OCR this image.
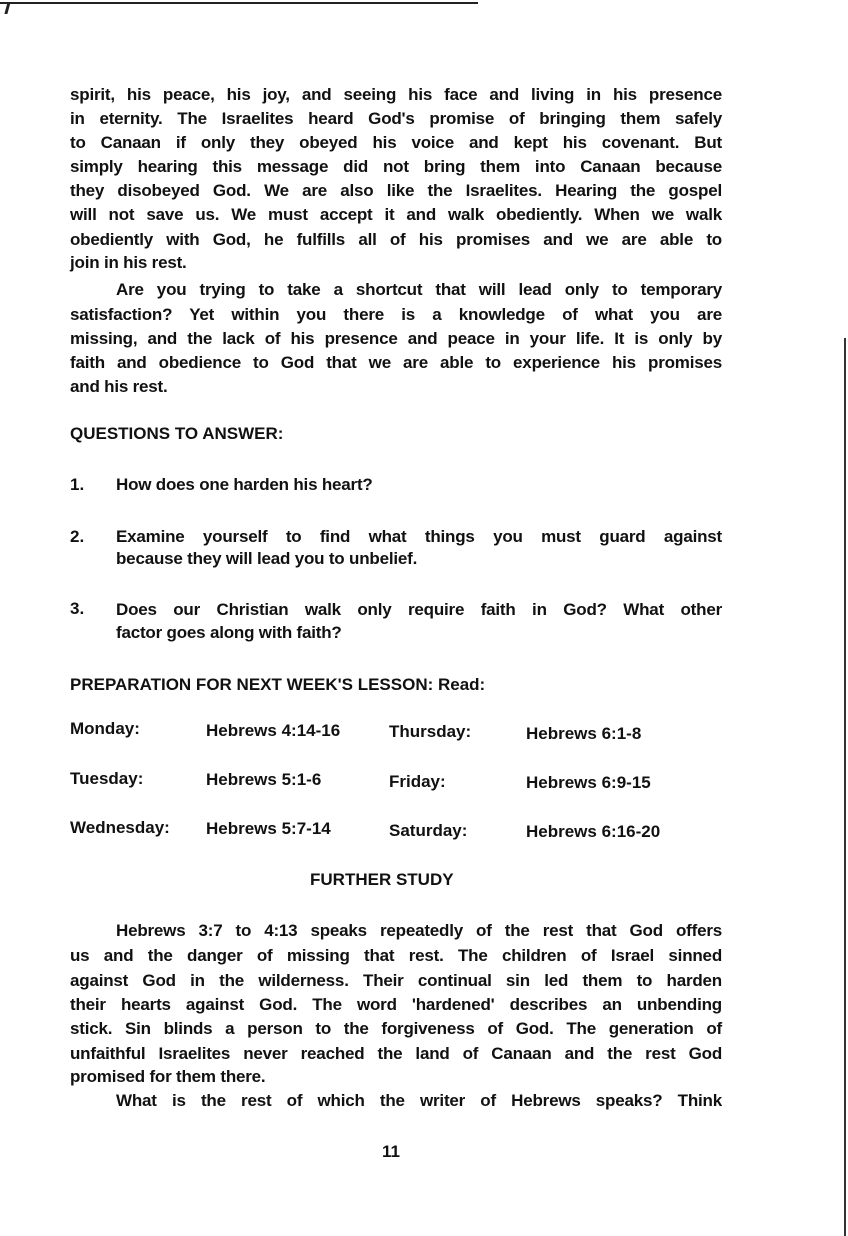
spirit, his peace, his joy, and seeing his face and living in his presence
in eternity. The Israelites heard God's promise of bringing them safely
to Canaan if only they obeyed his voice and kept his covenant. But
simply hearing this message did not bring them into Canaan because
they disobeyed God. We are also like the Israelites. Hearing the gospel
will not save us. We must accept it and walk obediently. When we walk
obediently with God, he fulfills all of his promises and we are able to
join in his rest.
Are you trying to take a shortcut that will lead only to temporary
satisfaction? Yet within you there is a knowledge of what you are
missing, and the lack of his presence and peace in your life. It is only by
faith and obedience to God that we are able to experience his promises
and his rest.
QUESTIONS TO ANSWER:
1. How does one harden his heart?
2. Examine yourself to find what things you must guard against
because they will lead you to unbelief.
3. Does our Christian walk only require faith in God? What other
factor goes along with faith?
PREPARATION FOR NEXT WEEK'S LESSON: Read:
Monday:	Hebrews 4:14-16	Thursday:	Hebrews 6:1-8
Tuesday:	Hebrews 5:1-6	Friday:	Hebrews 6:9-15
Wednesday: Hebrews 5:7-14	Saturday:	Hebrews 6:16-20
FURTHER STUDY
Hebrews 3:7 to 4:13 speaks repeatedly of the rest that God offers
us and the danger of missing that rest. The children of Israel sinned
against God in the wilderness. Their continual sin led them to harden
their hearts against God. The word 'hardened' describes an unbending
stick. Sin blinds a person to the forgiveness of God. The generation of
unfaithful Israelites never reached the land of Canaan and the rest God
promised for them there.
What is the rest of which the writer of Hebrews speaks? Think
11
